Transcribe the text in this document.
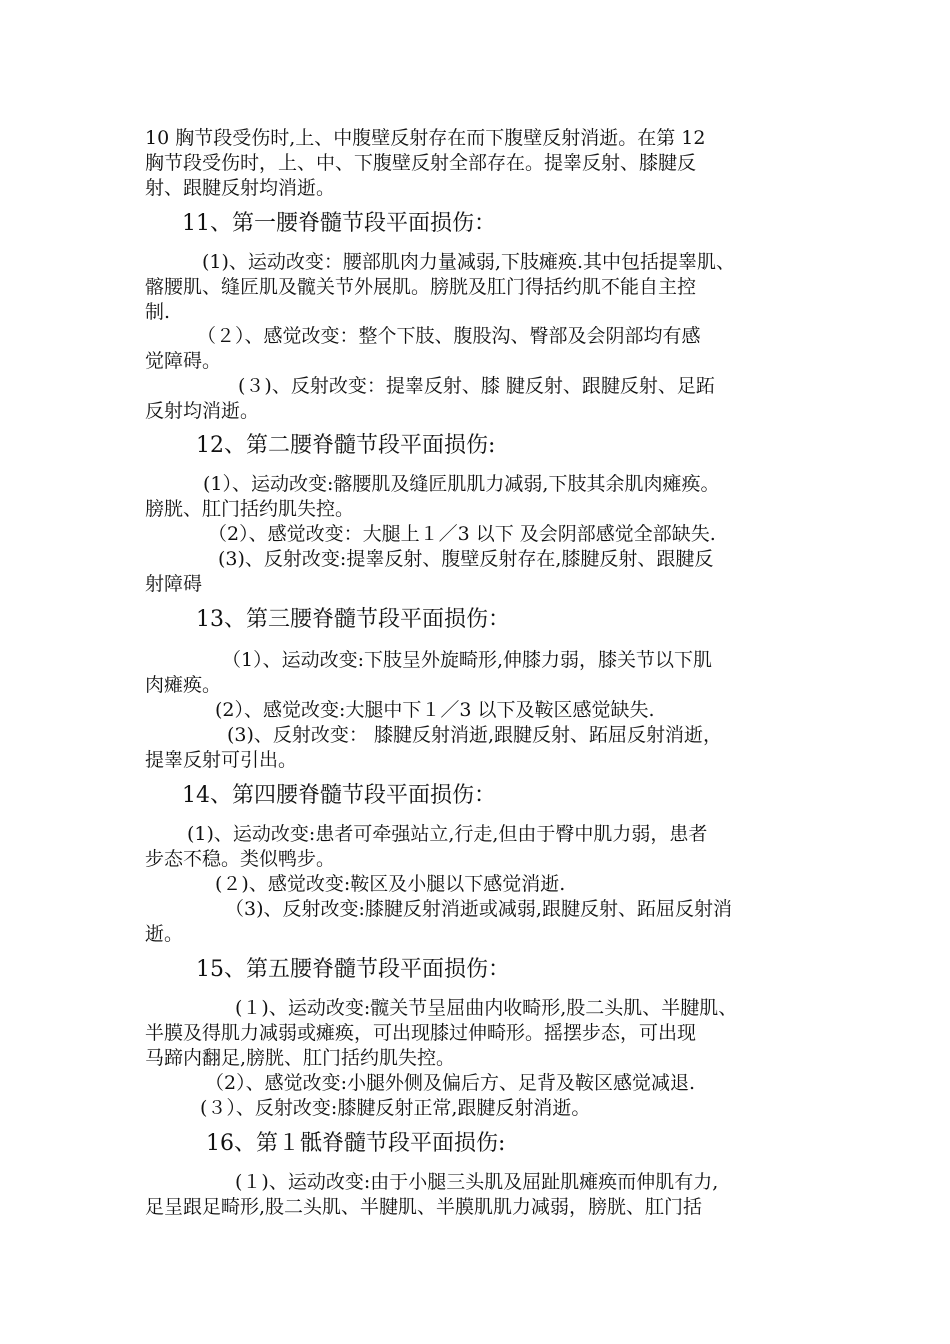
10 胸节段受伤时,上、中腹壁反射存在而下腹壁反射消逝。在第 12
胸节段受伤时，上、中、下腹壁反射全部存在。提睾反射、膝腱反
射、跟腱反射均消逝。
11、第一腰脊髓节段平面损伤：
(1)、运动改变：腰部肌肉力量减弱,下肢瘫痪.其中包括提睾肌、
髂腰肌、缝匠肌及髋关节外展肌。膀胱及肛门得括约肌不能自主控
制.
（２）、感觉改变：整个下肢、腹股沟、臀部及会阴部均有感
觉障碍。
(３)、反射改变：提睾反射、膝 腱反射、跟腱反射、足跖
反射均消逝。
12、第二腰脊髓节段平面损伤:
(1）、运动改变:髂腰肌及缝匠肌肌力减弱,下肢其余肌肉瘫痪。
膀胱、肛门括约肌失控。
（2）、感觉改变：大腿上１／3 以下 及会阴部感觉全部缺失.
(3)、反射改变:提睾反射、腹壁反射存在,膝腱反射、跟腱反
射障碍
13、第三腰脊髓节段平面损伤：
（1）、运动改变:下肢呈外旋畸形,伸膝力弱，膝关节以下肌
肉瘫痪。
(2）、感觉改变:大腿中下１／3 以下及鞍区感觉缺失.
(3)、反射改变： 膝腱反射消逝,跟腱反射、跖屈反射消逝，
提睾反射可引出。
14、第四腰脊髓节段平面损伤：
(1)、运动改变:患者可牵强站立,行走,但由于臀中肌力弱，患者
步态不稳。类似鸭步。
(２)、感觉改变:鞍区及小腿以下感觉消逝.
（3)、反射改变:膝腱反射消逝或减弱,跟腱反射、跖屈反射消
逝。
15、第五腰脊髓节段平面损伤：
(１)、运动改变:髋关节呈屈曲内收畸形,股二头肌、半腱肌、
半膜及得肌力减弱或瘫痪，可出现膝过伸畸形。摇摆步态，可出现
马蹄内翻足,膀胱、肛门括约肌失控。
（2）、感觉改变:小腿外侧及偏后方、足背及鞍区感觉减退.
(３）、反射改变:膝腱反射正常,跟腱反射消逝。
16、第１骶脊髓节段平面损伤:
(１)、运动改变:由于小腿三头肌及屈趾肌瘫痪而伸肌有力,
足呈跟足畸形,股二头肌、半腱肌、半膜肌肌力减弱，膀胱、肛门括
